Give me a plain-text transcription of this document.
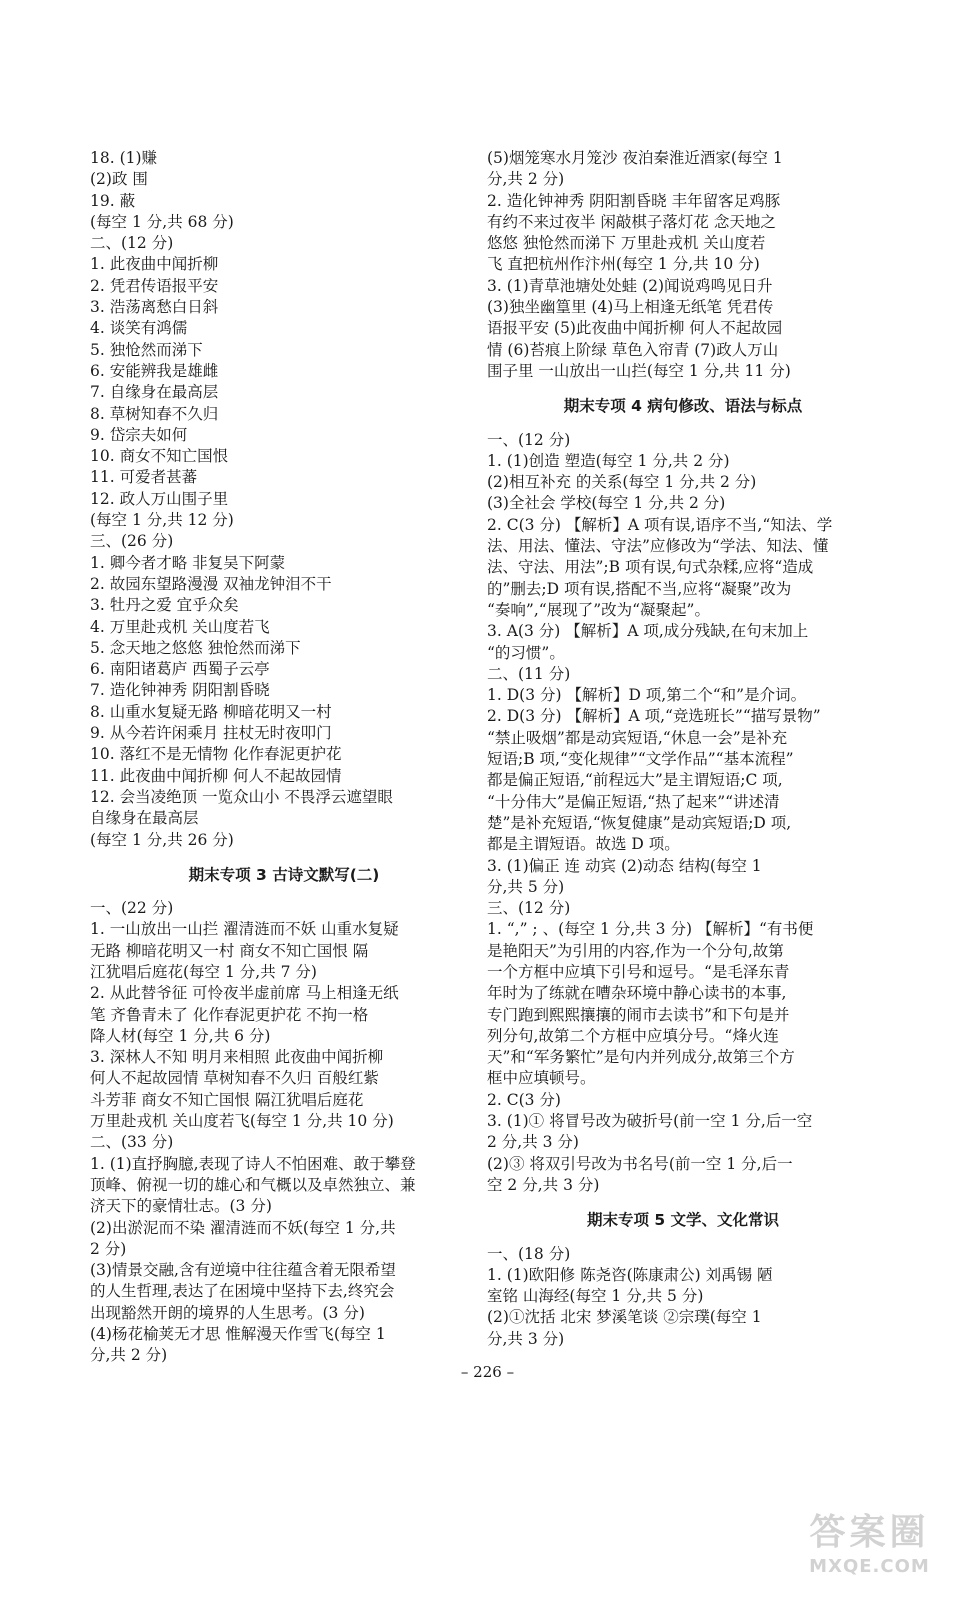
18. (1)赚
(2)政 围
19. 蔽
(每空 1 分,共 68 分)
二、(12 分)
1. 此夜曲中闻折柳
2. 凭君传语报平安
3. 浩荡离愁白日斜
4. 谈笑有鸿儒
5. 独怆然而涕下
6. 安能辨我是雄雌
7. 自缘身在最高层
8. 草树知春不久归
9. 岱宗夫如何
10. 商女不知亡国恨
11. 可爱者甚蕃
12. 政人万山围子里
(每空 1 分,共 12 分)
三、(26 分)
1. 卿今者才略 非复吴下阿蒙
2. 故园东望路漫漫 双袖龙钟泪不干
3. 牡丹之爱 宜乎众矣
4. 万里赴戎机 关山度若飞
5. 念天地之悠悠 独怆然而涕下
6. 南阳诸葛庐 西蜀子云亭
7. 造化钟神秀 阴阳割昏晓
8. 山重水复疑无路 柳暗花明又一村
9. 从今若许闲乘月 拄杖无时夜叩门
10. 落红不是无情物 化作春泥更护花
11. 此夜曲中闻折柳 何人不起故园情
12. 会当凌绝顶 一览众山小 不畏浮云遮望眼
自缘身在最高层
(每空 1 分,共 26 分)
期末专项 3 古诗文默写(二)
一、(22 分)
1. 一山放出一山拦 濯清涟而不妖 山重水复疑
无路 柳暗花明又一村 商女不知亡国恨 隔
江犹唱后庭花(每空 1 分,共 7 分)
2. 从此替爷征 可怜夜半虚前席 马上相逢无纸
笔 齐鲁青未了 化作春泥更护花 不拘一格
降人材(每空 1 分,共 6 分)
3. 深林人不知 明月来相照 此夜曲中闻折柳
何人不起故园情 草树知春不久归 百般红紫
斗芳菲 商女不知亡国恨 隔江犹唱后庭花
万里赴戎机 关山度若飞(每空 1 分,共 10 分)
二、(33 分)
1. (1)直抒胸臆,表现了诗人不怕困难、敢于攀登
顶峰、俯视一切的雄心和气概以及卓然独立、兼
济天下的豪情壮志。(3 分)
(2)出淤泥而不染 濯清涟而不妖(每空 1 分,共
2 分)
(3)情景交融,含有逆境中往往蕴含着无限希望
的人生哲理,表达了在困境中坚持下去,终究会
出现豁然开朗的境界的人生思考。(3 分)
(4)杨花榆荚无才思 惟解漫天作雪飞(每空 1
分,共 2 分)
(5)烟笼寒水月笼沙 夜泊秦淮近酒家(每空 1
分,共 2 分)
2. 造化钟神秀 阴阳割昏晓 丰年留客足鸡豚
有约不来过夜半 闲敲棋子落灯花 念天地之
悠悠 独怆然而涕下 万里赴戎机 关山度若
飞 直把杭州作汴州(每空 1 分,共 10 分)
3. (1)青草池塘处处蛙 (2)闻说鸡鸣见日升
(3)独坐幽篁里 (4)马上相逢无纸笔 凭君传
语报平安 (5)此夜曲中闻折柳 何人不起故园
情 (6)苔痕上阶绿 草色入帘青 (7)政人万山
围子里 一山放出一山拦(每空 1 分,共 11 分)
期末专项 4 病句修改、语法与标点
一、(12 分)
1. (1)创造 塑造(每空 1 分,共 2 分)
(2)相互补充 的关系(每空 1 分,共 2 分)
(3)全社会 学校(每空 1 分,共 2 分)
2. C(3 分) 【解析】A 项有误,语序不当,“知法、学
法、用法、懂法、守法”应修改为“学法、知法、懂
法、守法、用法”;B 项有误,句式杂糅,应将“造成
的”删去;D 项有误,搭配不当,应将“凝聚”改为
“奏响”,“展现了”改为“凝聚起”。
3. A(3 分) 【解析】A 项,成分残缺,在句末加上
“的习惯”。
二、(11 分)
1. D(3 分) 【解析】D 项,第二个“和”是介词。
2. D(3 分) 【解析】A 项,“竞选班长”“描写景物”
“禁止吸烟”都是动宾短语,“休息一会”是补充
短语;B 项,“变化规律”“文学作品”“基本流程”
都是偏正短语,“前程远大”是主谓短语;C 项,
“十分伟大”是偏正短语,“热了起来”“讲述清
楚”是补充短语,“恢复健康”是动宾短语;D 项,
都是主谓短语。故选 D 项。
3. (1)偏正 连 动宾 (2)动态 结构(每空 1
分,共 5 分)
三、(12 分)
1. “,” ; 、(每空 1 分,共 3 分) 【解析】“有书便
是艳阳天”为引用的内容,作为一个分句,故第
一个方框中应填下引号和逗号。“是毛泽东青
年时为了练就在嘈杂环境中静心读书的本事,
专门跑到熙熙攘攘的闹市去读书”和下句是并
列分句,故第二个方框中应填分号。“烽火连
天”和“军务繁忙”是句内并列成分,故第三个方
框中应填顿号。
2. C(3 分)
3. (1)① 将冒号改为破折号(前一空 1 分,后一空
2 分,共 3 分)
(2)③ 将双引号改为书名号(前一空 1 分,后一
空 2 分,共 3 分)
期末专项 5 文学、文化常识
一、(18 分)
1. (1)欧阳修 陈尧咨(陈康肃公) 刘禹锡 陋
室铭 山海经(每空 1 分,共 5 分)
(2)①沈括 北宋 梦溪笔谈 ②宗璞(每空 1
分,共 3 分)
– 226 –
答案圈
MXQE.COM
